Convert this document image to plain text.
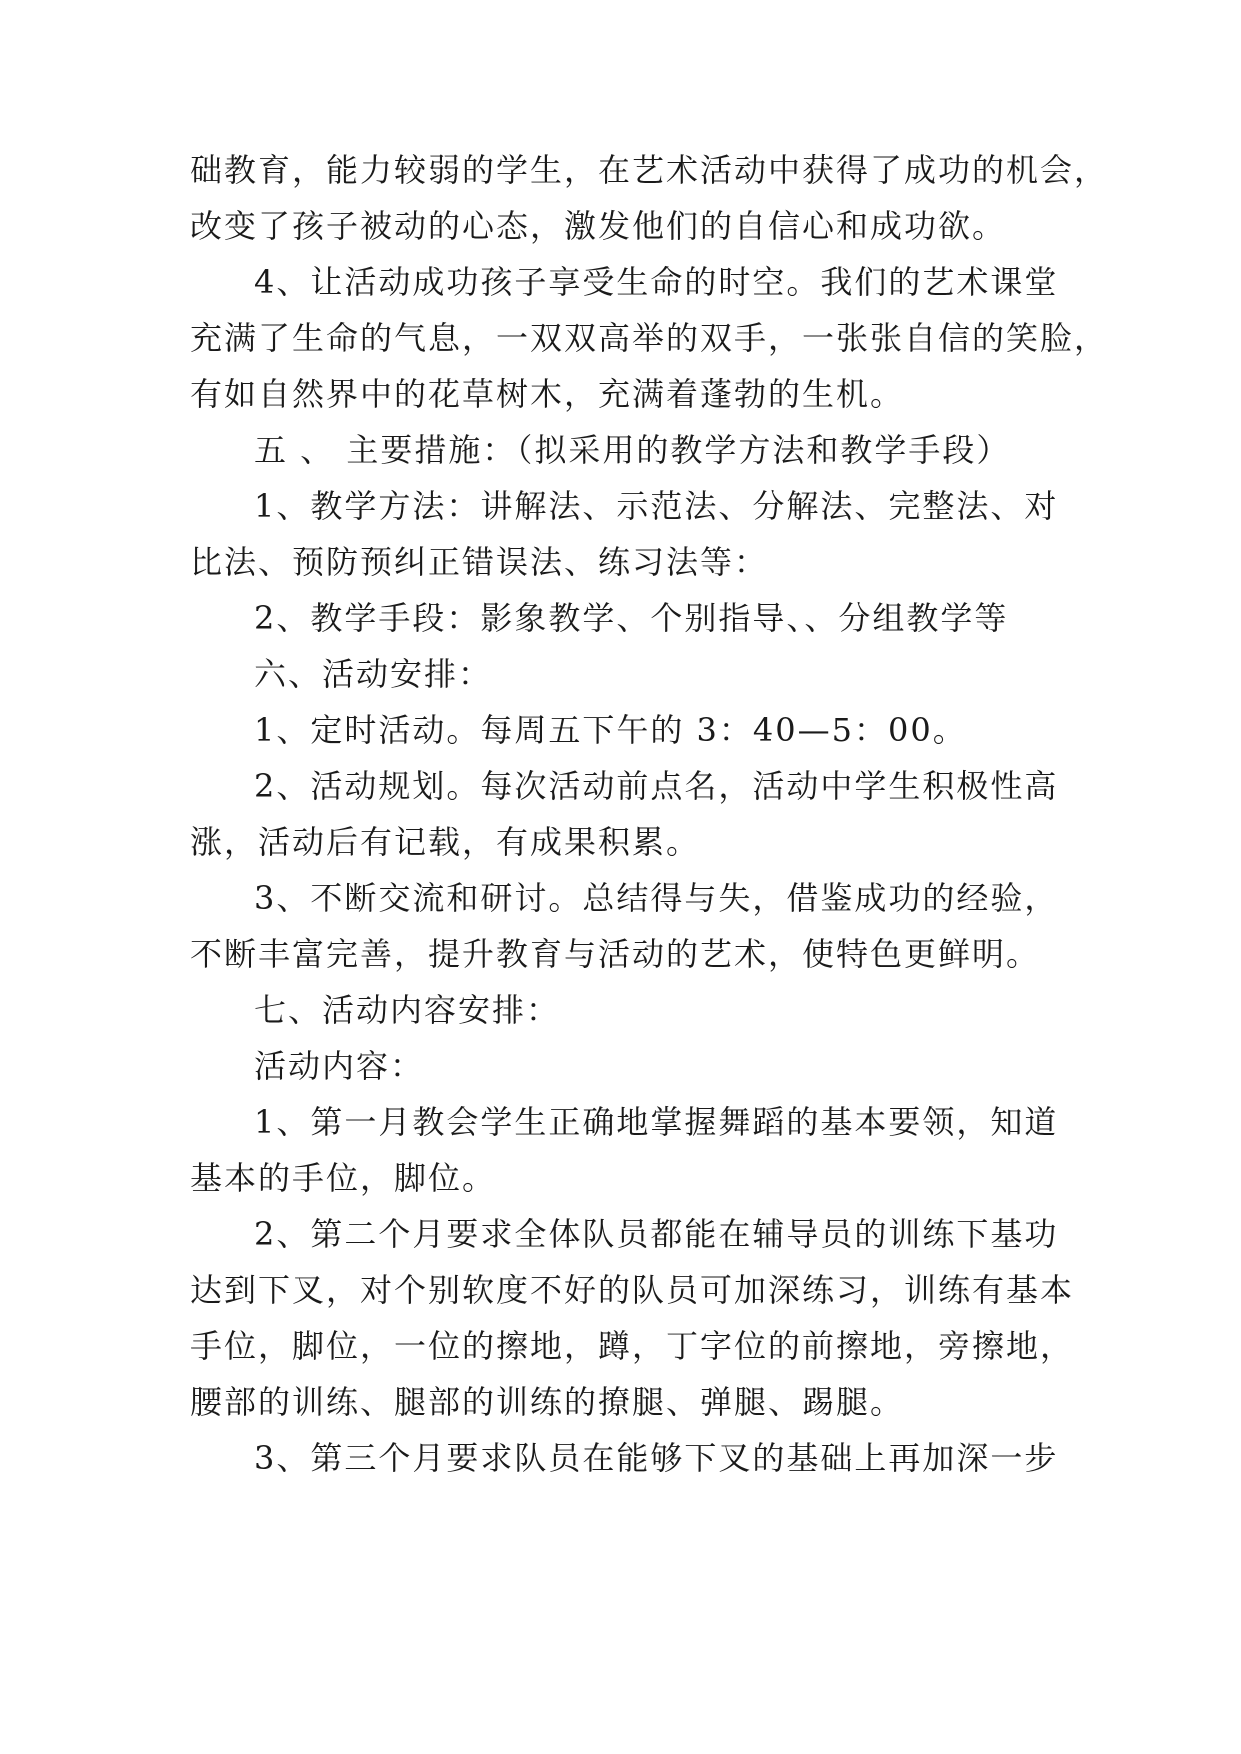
础教育，能力较弱的学生，在艺术活动中获得了成功的机会，
改变了孩子被动的心态，激发他们的自信心和成功欲。
4、让活动成功孩子享受生命的时空。我们的艺术课堂
充满了生命的气息，一双双高举的双手，一张张自信的笑脸，
有如自然界中的花草树木，充满着蓬勃的生机。
五 、 主要措施：（拟采用的教学方法和教学手段）
1、教学方法：讲解法、示范法、分解法、完整法、对
比法、预防预纠正错误法、练习法等：
2、教学手段：影象教学、个别指导、、分组教学等
六、活动安排：
1、定时活动。每周五下午的 3：40—5：00。
2、活动规划。每次活动前点名，活动中学生积极性高
涨，活动后有记载，有成果积累。
3、不断交流和研讨。总结得与失，借鉴成功的经验，
不断丰富完善，提升教育与活动的艺术，使特色更鲜明。
七、活动内容安排：
活动内容：
1、第一月教会学生正确地掌握舞蹈的基本要领，知道
基本的手位，脚位。
2、第二个月要求全体队员都能在辅导员的训练下基功
达到下叉，对个别软度不好的队员可加深练习，训练有基本
手位，脚位，一位的擦地，蹲，丁字位的前擦地，旁擦地，
腰部的训练、腿部的训练的撩腿、弹腿、踢腿。
3、第三个月要求队员在能够下叉的基础上再加深一步
